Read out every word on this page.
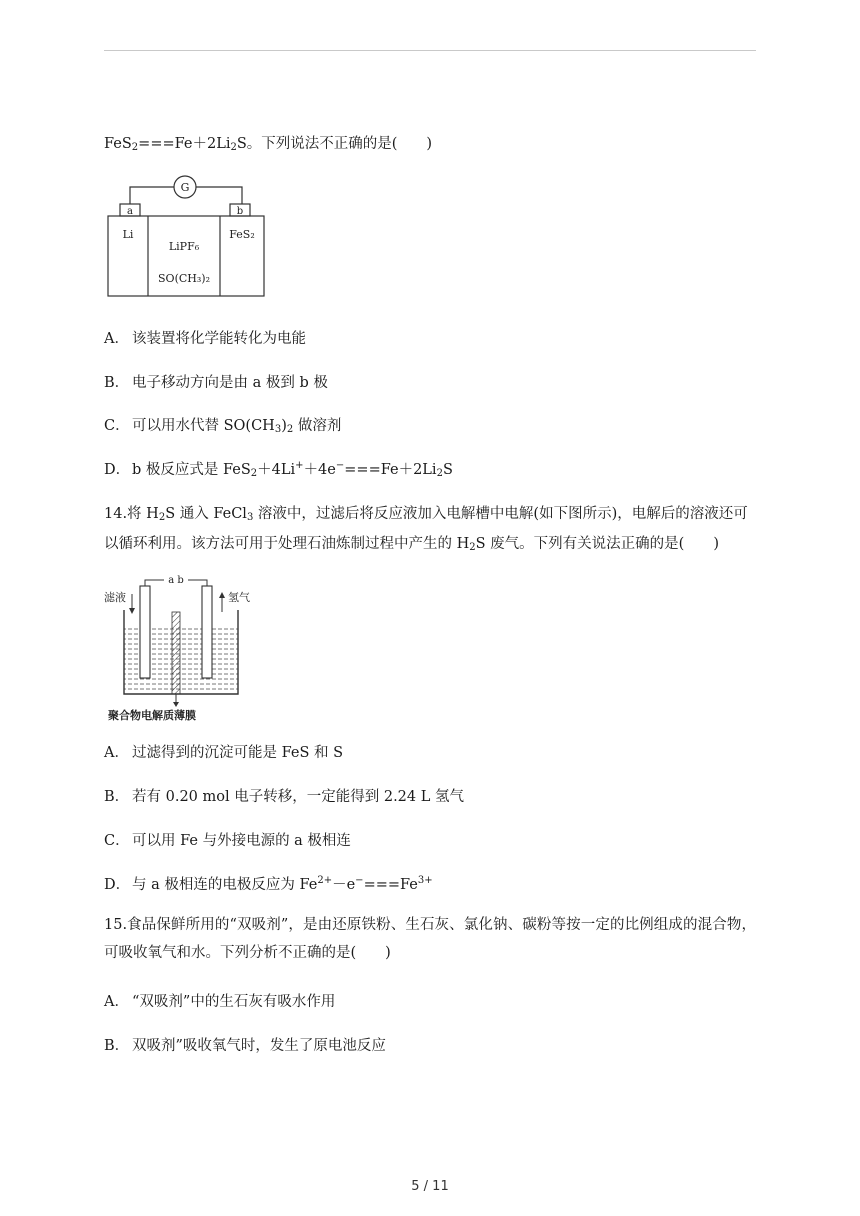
$FeS_2===Fe+2Li_2S$。下列说法不正确的是(　　)
G
a	b
Li
LiPF₆
SO(CH₃)₂
FeS₂
A． 该装置将化学能转化为电能
B． 电子移动方向是由 a 极到 b 极
C． 可以用水代替 $SO(CH_3)_2$ 做溶剂
D． b 极反应式是 $FeS_2+4Li^++4e^-===Fe+2Li_2S$
14.将 $H_2S$ 通入 FeCl$_3$ 溶液中，过滤后将反应液加入电解槽中电解(如下图所示)，电解后的溶液还可
以循环利用。该方法可用于处理石油炼制过程中产生的 $H_2S$ 废气。下列有关说法正确的是(　　)
a b
滤液	氢气
聚合物电解质薄膜
A． 过滤得到的沉淀可能是 FeS 和 S
B． 若有 0.20 mol 电子转移，一定能得到 2.24 L 氢气
C． 可以用 Fe 与外接电源的 a 极相连
D． 与 a 极相连的电极反应为 $Fe^{2+}-e^-===Fe^{3+}$
15.食品保鲜所用的“双吸剂”，是由还原铁粉、生石灰、氯化钠、碳粉等按一定的比例组成的混合物，可吸收氧气和水。下列分析不正确的是(　　)
A． “双吸剂”中的生石灰有吸水作用
B． 双吸剂”吸收氧气时，发生了原电池反应
5 / 11
